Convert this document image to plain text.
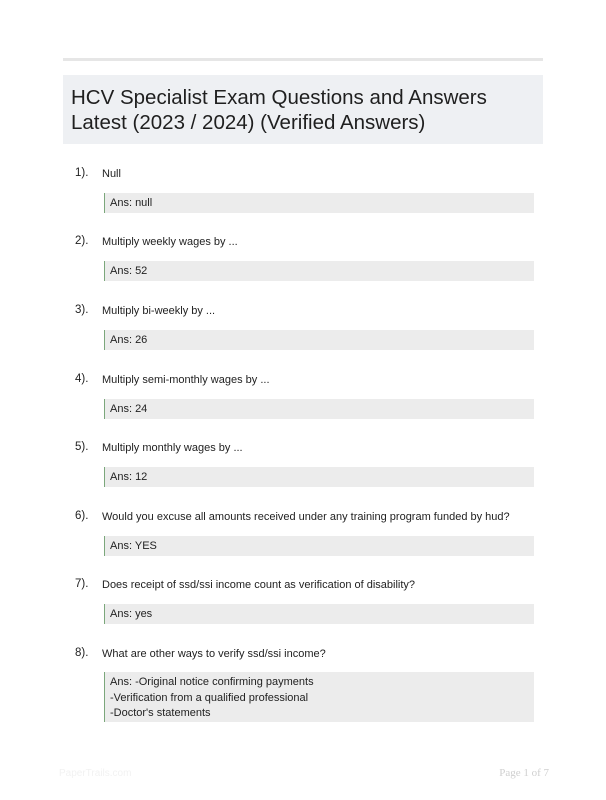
HCV Specialist Exam Questions and Answers
Latest (2023 / 2024) (Verified Answers)
1). Null
Ans: null
2). Multiply weekly wages by ...
Ans: 52
3). Multiply bi-weekly by ...
Ans: 26
4). Multiply semi-monthly wages by ...
Ans: 24
5). Multiply monthly wages by ...
Ans: 12
6). Would you excuse all amounts received under any training program funded by hud?
Ans: YES
7). Does receipt of ssd/ssi income count as verification of disability?
Ans: yes
8). What are other ways to verify ssd/ssi income?
Ans: -Original notice confirming payments
-Verification from a qualified professional
-Doctor's statements
PaperTrails.com	Page 1 of 7
